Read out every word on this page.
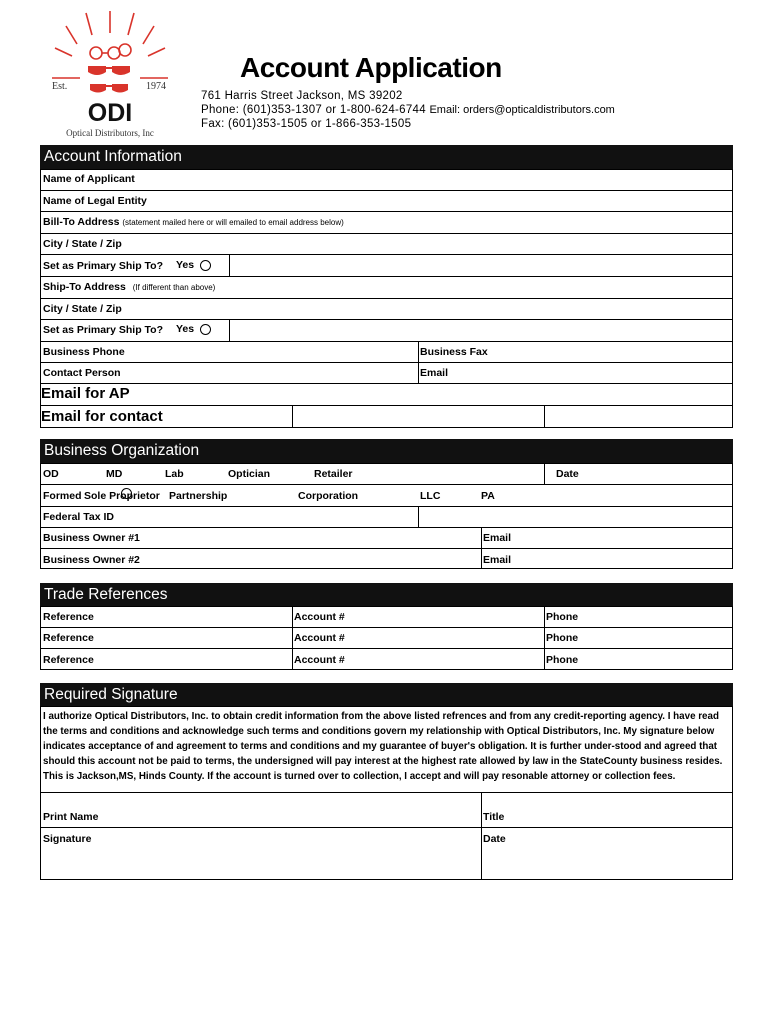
Est.	1974
ODI
Optical Distributors, Inc
Account Application
761 Harris Street Jackson, MS 39202
Phone: (601)353-1307 or 1-800-624-6744 Email: orders@opticaldistributors.com
Fax: (601)353-1505 or 1-866-353-1505
Account Information
Name of Applicant
Name of Legal Entity
Bill-To Address (statement mailed here or will emailed to email address below)
City / State / Zip
Set as Primary Ship To? Yes
Ship-To Address (If different than above)
City / State / Zip
Set as Primary Ship To? Yes
Business Phone	Business Fax
Contact Person	Email
Email for AP
Email for contact
Business Organization
OD	MD	Lab	Optician	Retailer	Date
Formed Sole Proprietor Partnership	Corporation	LLC	PA
Federal Tax ID
Business Owner #1	Email
Business Owner #2	Email
Trade References
Reference	Account #	Phone
Reference	Account #	Phone
Reference	Account #	Phone
Required Signature
I authorize Optical Distributors, Inc. to obtain credit information from the above listed refrences and from any credit-reporting agency. I have read the terms and conditions and acknowledge such terms and conditions govern my relationship with Optical Distributors, Inc. My signature below indicates acceptance of and agreement to terms and conditions and my guarantee of buyer's obligation. It is further under-stood and agreed that should this account not be paid to terms, the undersigned will pay interest at the highest rate allowed by law in the StateCounty business resides. This is Jackson,MS, Hinds County. If the account is turned over to collection, I accept and will pay resonable attorney or collection fees.
Print Name	Title
Signature	Date
